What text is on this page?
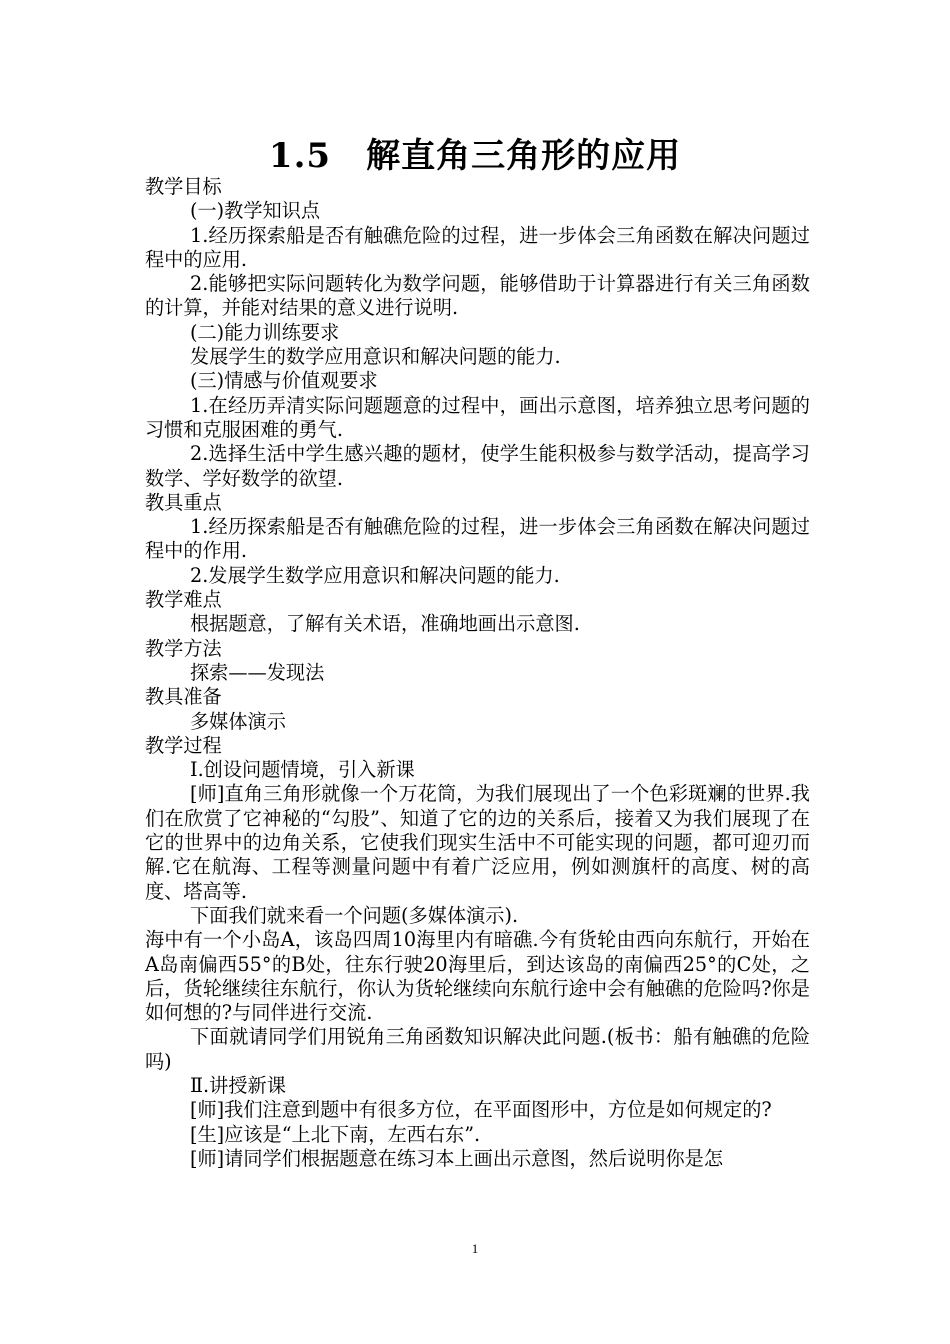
1.5　解直角三角形的应用

教学目标

(一)教学知识点

1.经历探索船是否有触礁危险的过程，进一步体会三角函数在解决问题过程中的应用.

2.能够把实际问题转化为数学问题，能够借助于计算器进行有关三角函数的计算，并能对结果的意义进行说明.

(二)能力训练要求

发展学生的数学应用意识和解决问题的能力.

(三)情感与价值观要求

1.在经历弄清实际问题题意的过程中，画出示意图，培养独立思考问题的习惯和克服困难的勇气.

2.选择生活中学生感兴趣的题材，使学生能积极参与数学活动，提高学习数学、学好数学的欲望.

教具重点

1.经历探索船是否有触礁危险的过程，进一步体会三角函数在解决问题过程中的作用.

2.发展学生数学应用意识和解决问题的能力.

教学难点

根据题意，了解有关术语，准确地画出示意图.

教学方法

探索——发现法

教具准备

多媒体演示

教学过程

Ⅰ.创设问题情境，引入新课

[师]直角三角形就像一个万花筒，为我们展现出了一个色彩斑斓的世界.我们在欣赏了它神秘的“勾股”、知道了它的边的关系后，接着又为我们展现了在它的世界中的边角关系，它使我们现实生活中不可能实现的问题，都可迎刃而解.它在航海、工程等测量问题中有着广泛应用，例如测旗杆的高度、树的高度、塔高等.

下面我们就来看一个问题(多媒体演示).

海中有一个小岛A，该岛四周10海里内有暗礁.今有货轮由西向东航行，开始在A岛南偏西55°的B处，往东行驶20海里后，到达该岛的南偏西25°的C处，之后，货轮继续往东航行，你认为货轮继续向东航行途中会有触礁的危险吗?你是如何想的?与同伴进行交流.

下面就请同学们用锐角三角函数知识解决此问题.(板书：船有触礁的危险吗)

Ⅱ.讲授新课

[师]我们注意到题中有很多方位，在平面图形中，方位是如何规定的?

[生]应该是“上北下南，左西右东”.

[师]请同学们根据题意在练习本上画出示意图，然后说明你是怎

1
